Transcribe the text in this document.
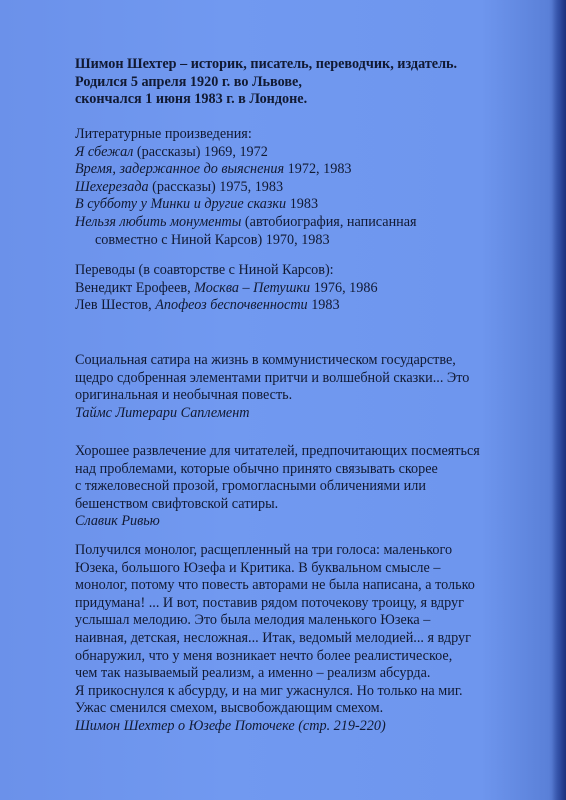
Шимон Шехтер – историк, писатель, переводчик, издатель.
Родился 5 апреля 1920 г. во Львове,
скончался 1 июня 1983 г. в Лондоне.
Литературные произведения:
Я сбежал (рассказы) 1969, 1972
Время, задержанное до выяснения 1972, 1983
Шехерезада (рассказы) 1975, 1983
В субботу у Минки и другие сказки 1983
Нельзя любить монументы (автобиография, написанная
совместно с Ниной Карсов) 1970, 1983
Переводы (в соавторстве с Ниной Карсов):
Венедикт Ерофеев, Москва – Петушки 1976, 1986
Лев Шестов, Апофеоз беспочвенности 1983
Социальная сатира на жизнь в коммунистическом государстве,
щедро сдобренная элементами притчи и волшебной сказки... Это
оригинальная и необычная повесть.
Таймс Литерари Саплемент
Хорошее развлечение для читателей, предпочитающих посмеяться
над проблемами, которые обычно принято связывать скорее
с тяжеловесной прозой, громогласными обличениями или
бешенством свифтовской сатиры.
Славик Ривью
Получился монолог, расщепленный на три голоса: маленького
Юзека, большого Юзефа и Критика. В буквальном смысле –
монолог, потому что повесть авторами не была написана, а только
придумана! ... И вот, поставив рядом поточекову троицу, я вдруг
услышал мелодию. Это была мелодия маленького Юзека –
наивная, детская, несложная... Итак, ведомый мелодией... я вдруг
обнаружил, что у меня возникает нечто более реалистическое,
чем так называемый реализм, а именно – реализм абсурда.
Я прикоснулся к абсурду, и на миг ужаснулся. Но только на миг.
Ужас сменился смехом, высвобождающим смехом.
Шимон Шехтер о Юзефе Поточеке (стр. 219-220)
